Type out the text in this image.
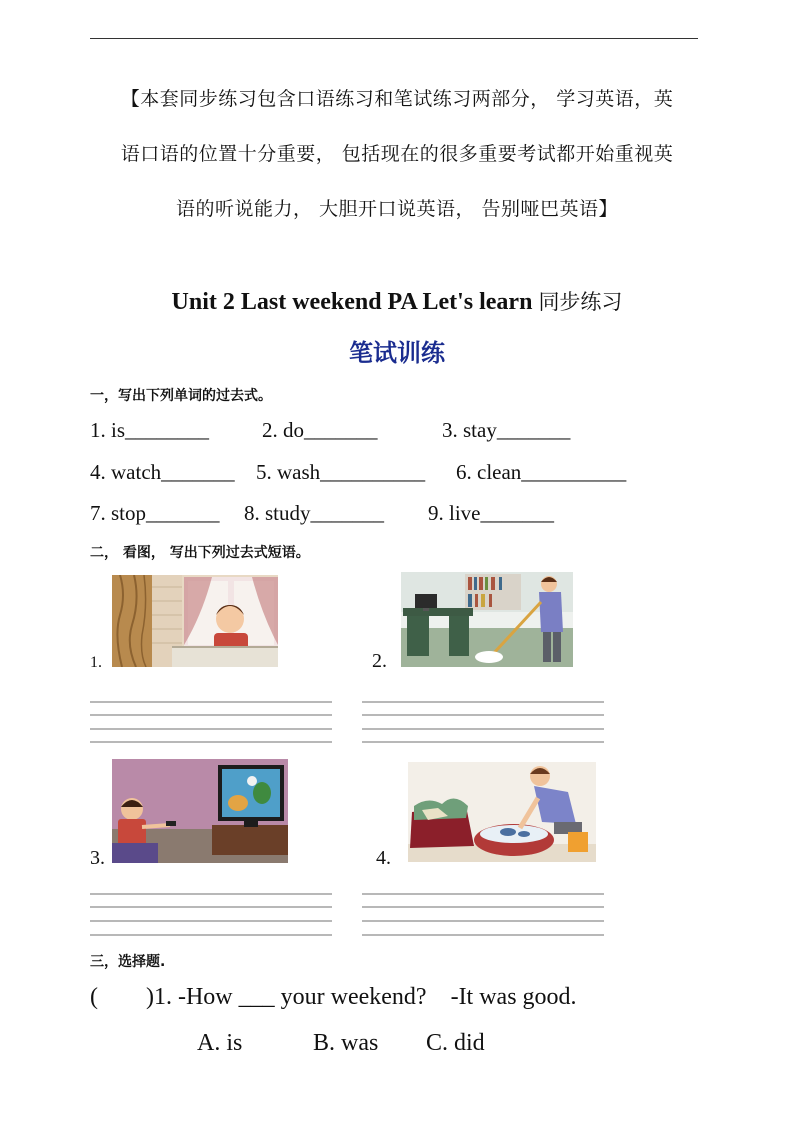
【本套同步练习包含口语练习和笔试练习两部分， 学习英语，英
语口语的位置十分重要， 包括现在的很多重要考试都开始重视英
语的听说能力， 大胆开口说英语， 告别哑巴英语】
Unit 2 Last weekend PA Let's learn 同步练习
笔试训练
一，写出下列单词的过去式。
1. is________	2. do_______	3. stay_______
4. watch_______ 5. wash__________ 6. clean__________
7. stop_______ 8. study_______ 9. live_______
二， 看图， 写出下列过去式短语。
1.	2.
3.	4.
三，选择题.
(        )1. -How ___ your weekend?    -It was good.
A. is	B. was C. did
